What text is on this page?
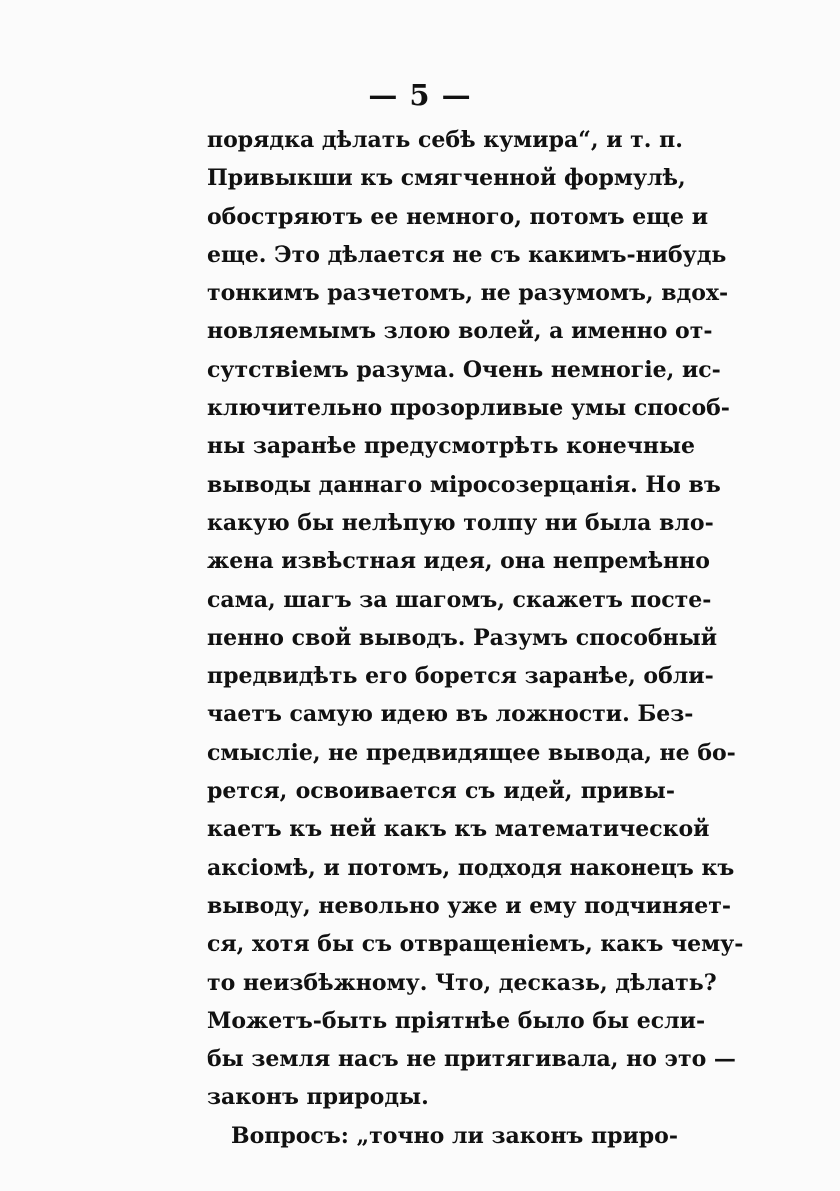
— 5 —
порядка дѣлать себѣ кумира“, и т. п.
Привыкши къ смягченной формулѣ,
обостряютъ ее немного, потомъ еще и
еще. Это дѣлается не съ какимъ-нибудь
тонкимъ разчетомъ, не разумомъ, вдох-
новляемымъ злою волей, а именно от-
сутствіемъ разума. Очень немногіе, ис-
ключительно прозорливые умы способ-
ны заранѣе предусмотрѣть конечные
выводы даннаго міросозерцанія. Но въ
какую бы нелѣпую толпу ни была вло-
жена извѣстная идея, она непремѣнно
сама, шагъ за шагомъ, скажетъ посте-
пенно свой выводъ. Разумъ способный
предвидѣть его борется заранѣе, обли-
чаетъ самую идею въ ложности. Без-
смысліе, не предвидящее вывода, не бо-
рется, освоивается съ идей, привы-
каетъ къ ней какъ къ математической
аксіомѣ, и потомъ, подходя наконецъ къ
выводу, невольно уже и ему подчиняет-
ся, хотя бы съ отвращеніемъ, какъ чему-
то неизбѣжному. Что, десказь, дѣлать?
Можетъ-быть пріятнѣе было бы если-
бы земля насъ не притягивала, но это —
законъ природы.
Вопросъ: „точно ли законъ приро-
